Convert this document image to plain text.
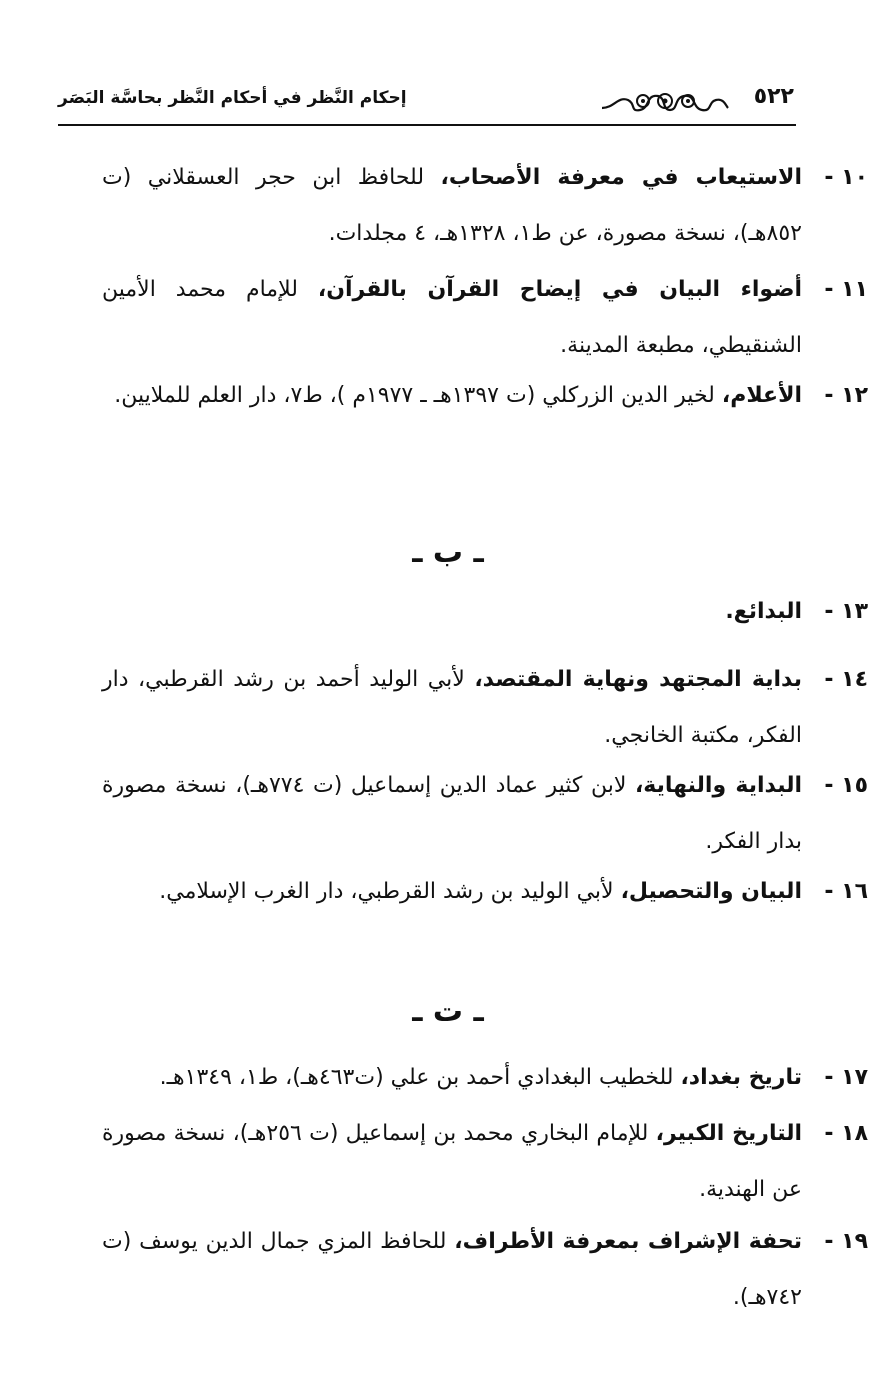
٥٢٢
إحكام النَّظر في أحكام النَّظر بحاسَّة البَصَر
١٠ -
الاستيعاب في معرفة الأصحاب، للحافظ ابن حجر العسقلاني (ت ٨٥٢هـ)، نسخة مصورة، عن ط١، ١٣٢٨هـ، ٤ مجلدات.
١١ -
أضواء البيان في إيضاح القرآن بالقرآن، للإمام محمد الأمين الشنقيطي، مطبعة المدينة.
١٢ -
الأعلام، لخير الدين الزركلي (ت ١٣٩٧هـ ـ ١٩٧٧م )، ط٧، دار العلم للملايين.
ـ ب ـ
١٣ -
البدائع.
١٤ -
بداية المجتهد ونهاية المقتصد، لأبي الوليد أحمد بن رشد القرطبي، دار الفكر، مكتبة الخانجي.
١٥ -
البداية والنهاية، لابن كثير عماد الدين إسماعيل (ت ٧٧٤هـ)، نسخة مصورة بدار الفكر.
١٦ -
البيان والتحصيل، لأبي الوليد بن رشد القرطبي، دار الغرب الإسلامي.
ـ ت ـ
١٧ -
تاريخ بغداد، للخطيب البغدادي أحمد بن علي (ت٤٦٣هـ)، ط١، ١٣٤٩هـ.
١٨ -
التاريخ الكبير، للإمام البخاري محمد بن إسماعيل (ت ٢٥٦هـ)، نسخة مصورة عن الهندية.
١٩ -
تحفة الإشراف بمعرفة الأطراف، للحافظ المزي جمال الدين يوسف (ت ٧٤٢هـ).
